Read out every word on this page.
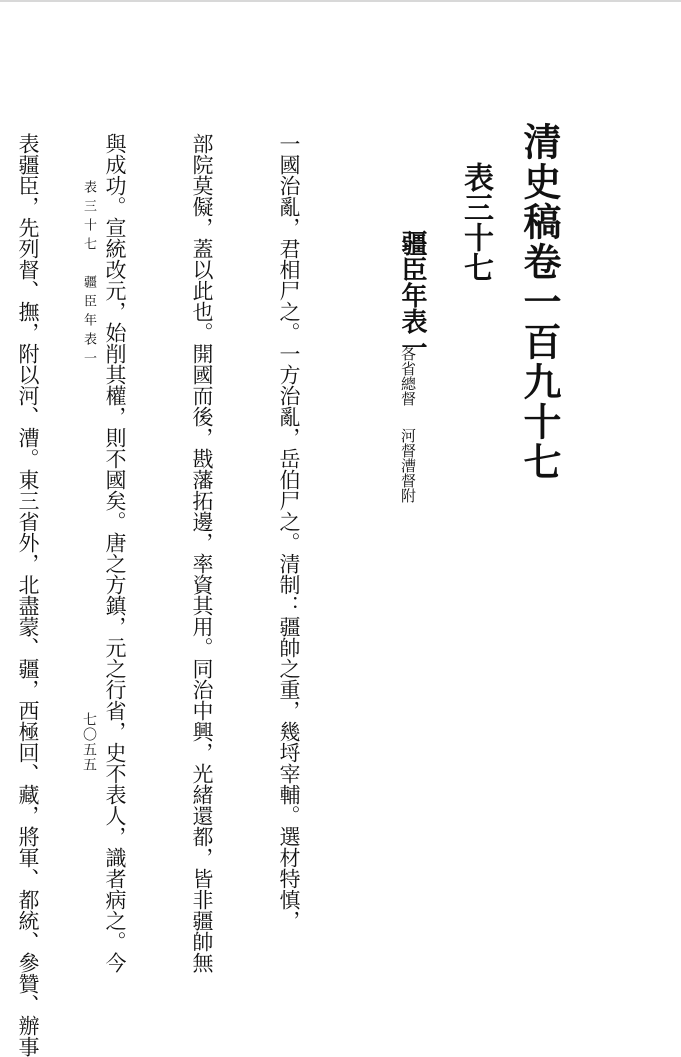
清史稿卷一百九十七
表三十七
疆臣年表一
各省總督
河督漕督附

一國治亂，君相尸之。一方治亂，岳伯尸之。清制：疆帥之重，幾埒宰輔。選材特慎，

部院莫儗，蓋以此也。開國而後，戡藩拓邊，率資其用。同治中興，光緒還都，皆非疆帥無

與成功。宣統改元，始削其權，則不國矣。唐之方鎮，元之行省，史不表人，識者病之。今

表疆臣，先列督、撫，附以河、漕。東三省外，北盡蒙、疆，西極回、藏，將軍、都統、參贊、辦事

	表三十七　疆臣年表一
七〇五五
